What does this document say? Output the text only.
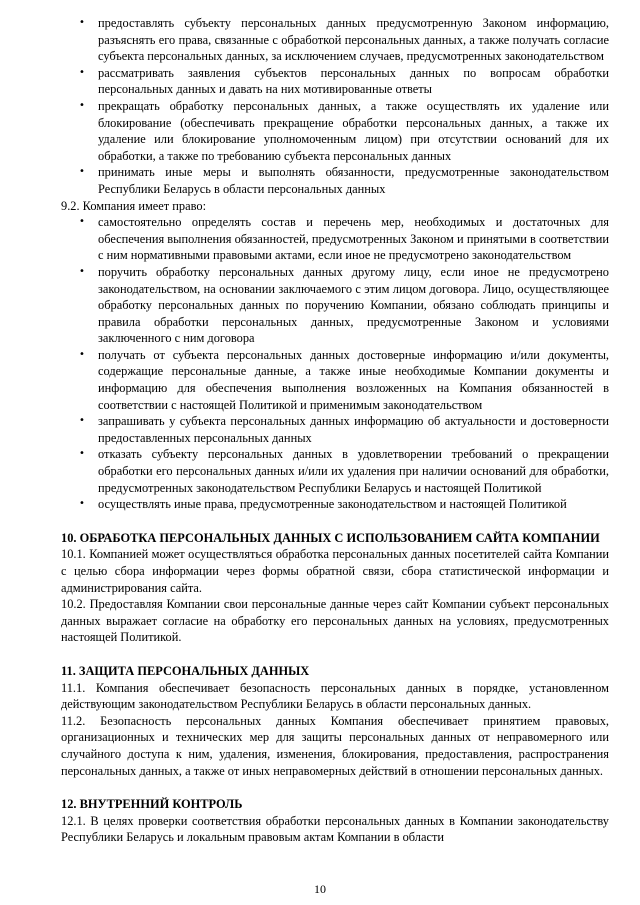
• предоставлять субъекту персональных данных предусмотренную Законом информацию, разъяснять его права, связанные с обработкой персональных данных, а также получать согласие субъекта персональных данных, за исключением случаев, предусмотренных законодательством
• рассматривать заявления субъектов персональных данных по вопросам обработки персональных данных и давать на них мотивированные ответы
• прекращать обработку персональных данных, а также осуществлять их удаление или блокирование (обеспечивать прекращение обработки персональных данных, а также их удаление или блокирование уполномоченным лицом) при отсутствии оснований для их обработки, а также по требованию субъекта персональных данных
• принимать иные меры и выполнять обязанности, предусмотренные законодательством Республики Беларусь в области персональных данных

9.2. Компания имеет право:

• самостоятельно определять состав и перечень мер, необходимых и достаточных для обеспечения выполнения обязанностей, предусмотренных Законом и принятыми в соответствии с ним нормативными правовыми актами, если иное не предусмотрено законодательством
• поручить обработку персональных данных другому лицу, если иное не предусмотрено законодательством, на основании заключаемого с этим лицом договора. Лицо, осуществляющее обработку персональных данных по поручению Компании, обязано соблюдать принципы и правила обработки персональных данных, предусмотренные Законом и условиями заключенного с ним договора
• получать от субъекта персональных данных достоверные информацию и/или документы, содержащие персональные данные, а также иные необходимые Компании документы и информацию для обеспечения выполнения возложенных на Компания обязанностей в соответствии с настоящей Политикой и применимым законодательством
• запрашивать у субъекта персональных данных информацию об актуальности и достоверности предоставленных персональных данных
• отказать субъекту персональных данных в удовлетворении требований о прекращении обработки его персональных данных и/или их удаления при наличии оснований для обработки, предусмотренных законодательством Республики Беларусь и настоящей Политикой
• осуществлять иные права, предусмотренные законодательством и настоящей Политикой
10. ОБРАБОТКА ПЕРСОНАЛЬНЫХ ДАННЫХ С ИСПОЛЬЗОВАНИЕМ САЙТА КОМПАНИИ

10.1. Компанией может осуществляться обработка персональных данных посетителей сайта Компании с целью сбора информации через формы обратной связи, сбора статистической информации и администрирования сайта.

10.2. Предоставляя Компании свои персональные данные через сайт Компании субъект персональных данных выражает согласие на обработку его персональных данных на условиях, предусмотренных настоящей Политикой.

11. ЗАЩИТА ПЕРСОНАЛЬНЫХ ДАННЫХ

11.1. Компания обеспечивает безопасность персональных данных в порядке, установленном действующим законодательством Республики Беларусь в области персональных данных.

11.2. Безопасность персональных данных Компания обеспечивает принятием правовых, организационных и технических мер для защиты персональных данных от неправомерного или случайного доступа к ним, удаления, изменения, блокирования, предоставления, распространения персональных данных, а также от иных неправомерных действий в отношении персональных данных.

12. ВНУТРЕННИЙ КОНТРОЛЬ

12.1. В целях проверки соответствия обработки персональных данных в Компании законодательству Республики Беларусь и локальным правовым актам Компании в области

10
